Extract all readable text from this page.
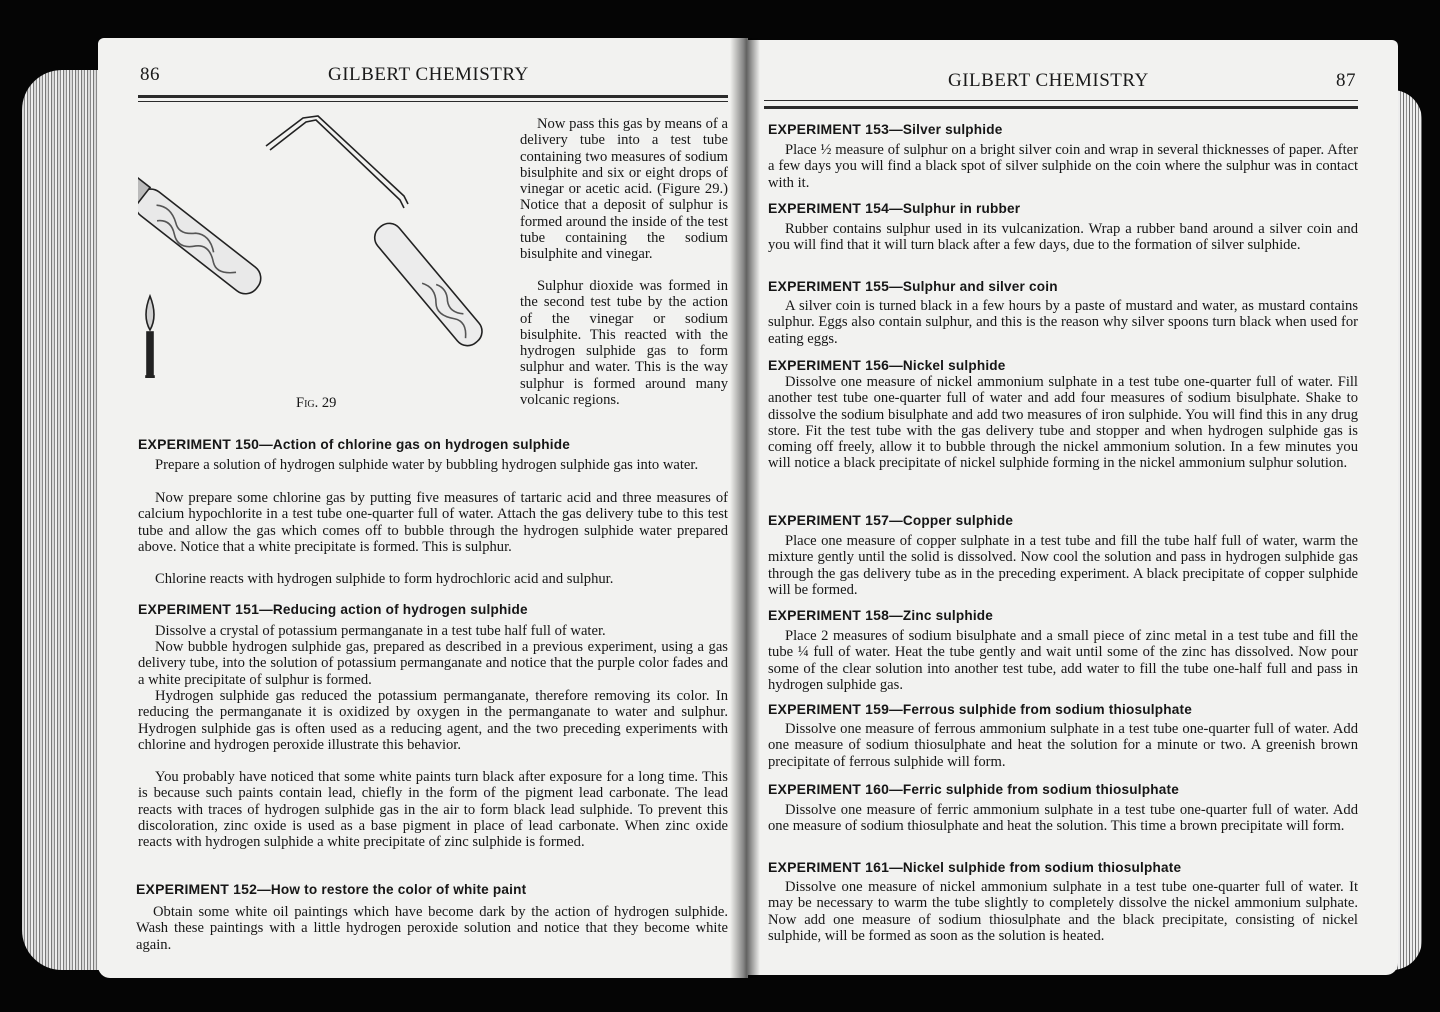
86	GILBERT CHEMISTRY
Fig. 29

Now pass this gas by means of a delivery tube into a test tube containing two measures of sodium bisulphite and six or eight drops of vinegar or acetic acid. (Figure 29.) Notice that a deposit of sulphur is formed around the inside of the test tube containing the sodium bisulphite and vinegar.

Sulphur dioxide was formed in the second test tube by the action of the vinegar or sodium bisulphite. This reacted with the hydrogen sulphide gas to form sulphur and water. This is the way sulphur is formed around many volcanic regions.

EXPERIMENT 150—Action of chlorine gas on hydrogen sulphide

Prepare a solution of hydrogen sulphide water by bubbling hydrogen sulphide gas into water.

Now prepare some chlorine gas by putting five measures of tartaric acid and three measures of calcium hypochlorite in a test tube one-quarter full of water. Attach the gas delivery tube to this test tube and allow the gas which comes off to bubble through the hydrogen sulphide water prepared above. Notice that a white precipitate is formed. This is sulphur.

Chlorine reacts with hydrogen sulphide to form hydrochloric acid and sulphur.

EXPERIMENT 151—Reducing action of hydrogen sulphide

Dissolve a crystal of potassium permanganate in a test tube half full of water.

Now bubble hydrogen sulphide gas, prepared as described in a previous experiment, using a gas delivery tube, into the solution of potassium permanganate and notice that the purple color fades and a white precipitate of sulphur is formed.

Hydrogen sulphide gas reduced the potassium permanganate, therefore removing its color. In reducing the permanganate it is oxidized by oxygen in the permanganate to water and sulphur. Hydrogen sulphide gas is often used as a reducing agent, and the two preceding experiments with chlorine and hydrogen peroxide illustrate this behavior.

You probably have noticed that some white paints turn black after exposure for a long time. This is because such paints contain lead, chiefly in the form of the pigment lead carbonate. The lead reacts with traces of hydrogen sulphide gas in the air to form black lead sulphide. To prevent this discoloration, zinc oxide is used as a base pigment in place of lead carbonate. When zinc oxide reacts with hydrogen sulphide a white precipitate of zinc sulphide is formed.

EXPERIMENT 152—How to restore the color of white paint

Obtain some white oil paintings which have become dark by the action of hydrogen sulphide. Wash these paintings with a little hydrogen peroxide solution and notice that they become white again.

GILBERT CHEMISTRY	87
EXPERIMENT 153—Silver sulphide

Place ½ measure of sulphur on a bright silver coin and wrap in several thicknesses of paper. After a few days you will find a black spot of silver sulphide on the coin where the sulphur was in contact with it.

EXPERIMENT 154—Sulphur in rubber

Rubber contains sulphur used in its vulcanization. Wrap a rubber band around a silver coin and you will find that it will turn black after a few days, due to the formation of silver sulphide.

EXPERIMENT 155—Sulphur and silver coin

A silver coin is turned black in a few hours by a paste of mustard and water, as mustard contains sulphur. Eggs also contain sulphur, and this is the reason why silver spoons turn black when used for eating eggs.

EXPERIMENT 156—Nickel sulphide

Dissolve one measure of nickel ammonium sulphate in a test tube one-quarter full of water. Fill another test tube one-quarter full of water and add four measures of sodium bisulphate. Shake to dissolve the sodium bisulphate and add two measures of iron sulphide. You will find this in any drug store. Fit the test tube with the gas delivery tube and stopper and when hydrogen sulphide gas is coming off freely, allow it to bubble through the nickel ammonium solution. In a few minutes you will notice a black precipitate of nickel sulphide forming in the nickel ammonium sulphur solution.

EXPERIMENT 157—Copper sulphide

Place one measure of copper sulphate in a test tube and fill the tube half full of water, warm the mixture gently until the solid is dissolved. Now cool the solution and pass in hydrogen sulphide gas through the gas delivery tube as in the preceding experiment. A black precipitate of copper sulphide will be formed.

EXPERIMENT 158—Zinc sulphide

Place 2 measures of sodium bisulphate and a small piece of zinc metal in a test tube and fill the tube ¼ full of water. Heat the tube gently and wait until some of the zinc has dissolved. Now pour some of the clear solution into another test tube, add water to fill the tube one-half full and pass in hydrogen sulphide gas.

EXPERIMENT 159—Ferrous sulphide from sodium thiosulphate

Dissolve one measure of ferrous ammonium sulphate in a test tube one-quarter full of water. Add one measure of sodium thiosulphate and heat the solution for a minute or two. A greenish brown precipitate of ferrous sulphide will form.

EXPERIMENT 160—Ferric sulphide from sodium thiosulphate

Dissolve one measure of ferric ammonium sulphate in a test tube one-quarter full of water. Add one measure of sodium thiosulphate and heat the solution. This time a brown precipitate will form.

EXPERIMENT 161—Nickel sulphide from sodium thiosulphate

Dissolve one measure of nickel ammonium sulphate in a test tube one-quarter full of water. It may be necessary to warm the tube slightly to completely dissolve the nickel ammonium sulphate. Now add one measure of sodium thiosulphate and the black precipitate, consisting of nickel sulphide, will be formed as soon as the solution is heated.
